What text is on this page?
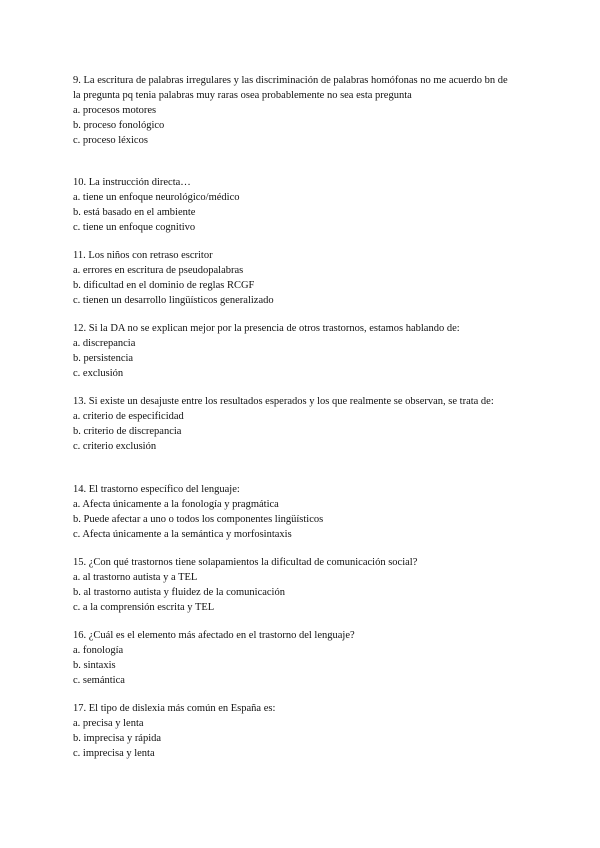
9. La escritura de palabras irregulares y las discriminación de palabras homófonas no me acuerdo bn de la pregunta pq tenia palabras muy raras osea probablemente no sea esta pregunta

a. procesos motores

b. proceso fonológico

c. proceso léxicos

10. La instrucción directa…

a. tiene un enfoque neurológico/médico

b. está basado en el ambiente

c. tiene un enfoque cognitivo

11. Los niños con retraso escritor

a. errores en escritura de pseudopalabras

b. dificultad en el dominio de reglas RCGF

c. tienen un desarrollo lingüísticos generalizado

12. Si la DA no se explican mejor por la presencia de otros trastornos, estamos hablando de:

a. discrepancia

b. persistencia

c. exclusión

13. Si existe un desajuste entre los resultados esperados y los que realmente se observan, se trata de:

a. criterio de especificidad

b. criterio de discrepancia

c. criterio exclusión

14. El trastorno específico del lenguaje:

a. Afecta únicamente a la fonología y pragmática

b. Puede afectar a uno o todos los componentes lingüísticos

c. Afecta únicamente a la semántica y morfosintaxis

15. ¿Con qué trastornos tiene solapamientos la dificultad de comunicación social?

a. al trastorno autista y a TEL

b. al trastorno autista y fluidez de la comunicación

c. a la comprensión escrita y TEL

16. ¿Cuál es el elemento más afectado en el trastorno del lenguaje?

a. fonología

b. sintaxis

c. semántica

17. El tipo de dislexia más común en España es:

a. precisa y lenta

b. imprecisa y rápida

c. imprecisa y lenta
